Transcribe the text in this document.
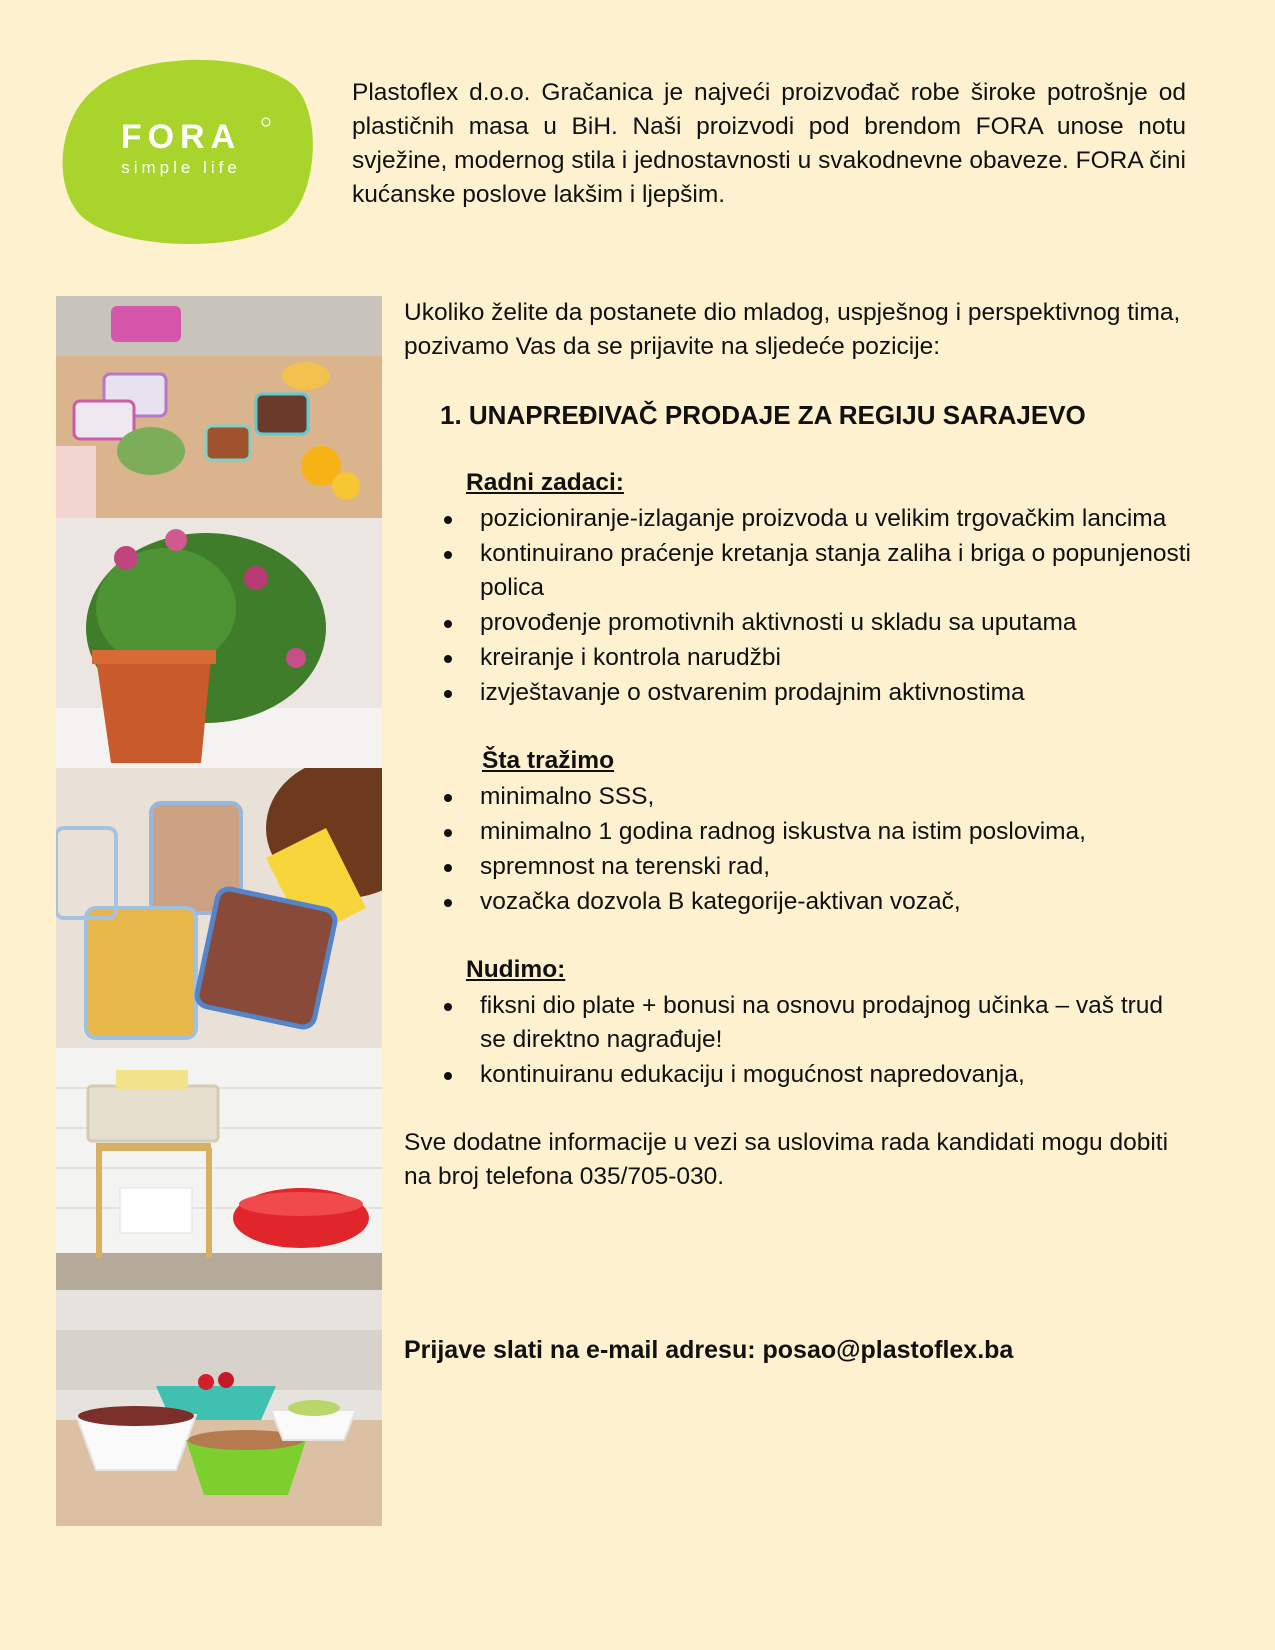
FORA
simple life
Plastoflex d.o.o. Gračanica je najveći proizvođač robe široke potrošnje od plastičnih masa u BiH. Naši proizvodi pod brendom FORA unose notu svježine, modernog stila i jednostavnosti u svakodnevne obaveze. FORA čini kućanske poslove lakšim i ljepšim.

Ukoliko želite da postanete dio mladog, uspješnog i perspektivnog tima, pozivamo Vas da se prijavite na sljedeće pozicije:

1. UNAPREĐIVAČ PRODAJE ZA REGIJU SARAJEVO
Radni zadaci:
pozicioniranje-izlaganje proizvoda u velikim trgovačkim lancima
kontinuirano praćenje kretanja stanja zaliha i briga o popunjenosti polica
provođenje promotivnih aktivnosti u skladu sa uputama
kreiranje i kontrola narudžbi
izvještavanje o ostvarenim prodajnim aktivnostima
Šta tražimo
minimalno SSS,
minimalno 1 godina radnog iskustva na istim poslovima,
spremnost na terenski rad,
vozačka dozvola B kategorije-aktivan vozač,
Nudimo:
fiksni dio plate + bonusi na osnovu prodajnog učinka – vaš trud se direktno nagrađuje!
kontinuiranu edukaciju i mogućnost napredovanja,

Sve dodatne informacije u vezi sa uslovima rada kandidati mogu dobiti na broj telefona 035/705-030.

Prijave slati na e-mail adresu: posao@plastoflex.ba
